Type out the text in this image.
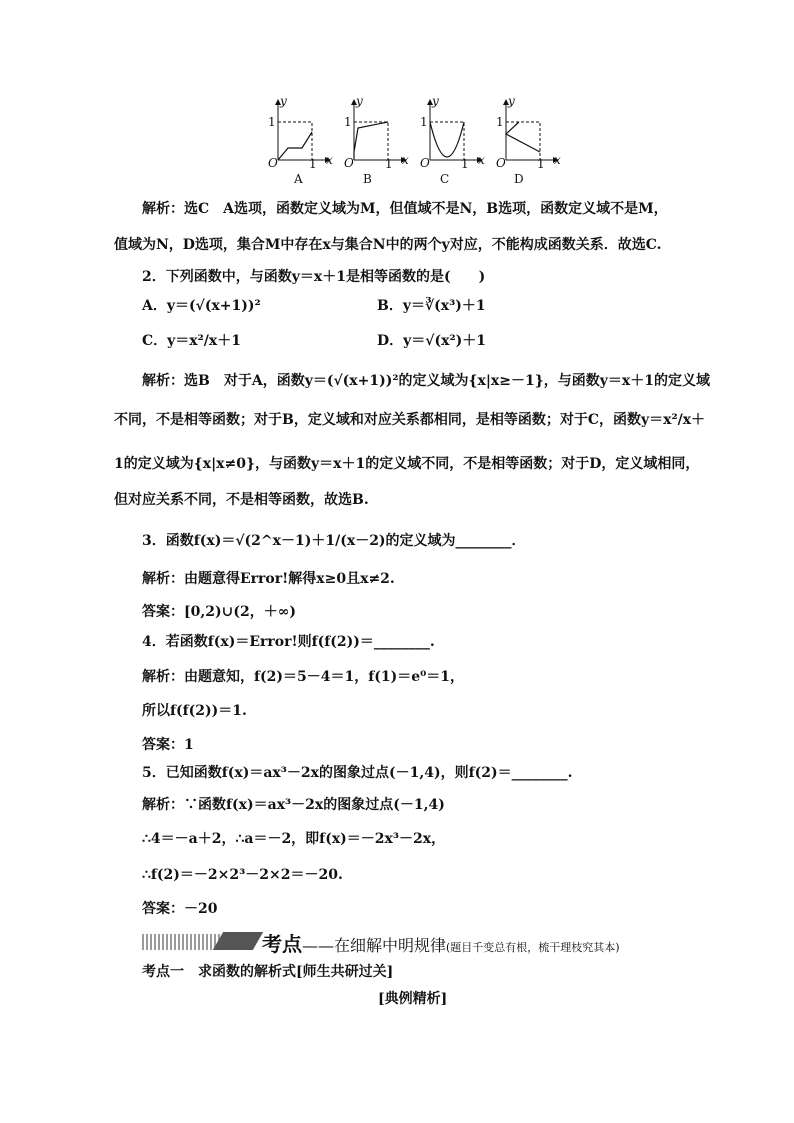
y
1
O	1 x
y
1
O	1 x
y
1
O	1 x
y
1
O	1 x
A	B	C	D
解析：选C　A选项，函数定义域为M，但值域不是N，B选项，函数定义域不是M，
值域为N，D选项，集合M中存在x与集合N中的两个y对应，不能构成函数关系．故选C.
2．下列函数中，与函数y＝x＋1是相等函数的是(　　)
A．y＝(√(x+1))²	B．y＝∛(x³)＋1
C．y＝x²/x＋1	D．y＝√(x²)＋1
解析：选B　对于A，函数y＝(√(x+1))²的定义域为{x|x≥－1}，与函数y＝x＋1的定义域
不同，不是相等函数；对于B，定义域和对应关系都相同，是相等函数；对于C，函数y＝x²/x＋
1的定义域为{x|x≠0}，与函数y＝x＋1的定义域不同，不是相等函数；对于D，定义域相同，
但对应关系不同，不是相等函数，故选B.
3．函数f(x)＝√(2^x－1)＋1/(x－2)的定义域为________．
解析：由题意得Error!解得x≥0且x≠2.
答案：[0,2)∪(2，＋∞)
4．若函数f(x)＝Error!则f(f(2))＝________.
解析：由题意知，f(2)＝5－4＝1，f(1)＝e⁰＝1，
所以f(f(2))＝1.
答案：1
5．已知函数f(x)＝ax³－2x的图象过点(－1,4)，则f(2)＝________.
解析：∵函数f(x)＝ax³－2x的图象过点(－1,4)
∴4＝－a＋2，∴a＝－2，即f(x)＝－2x³－2x，
∴f(2)＝－2×2³－2×2＝－20.
答案：－20
考点——在细解中明规律(题目千变总有根，梳干理枝究其本)
考点一　求函数的解析式[师生共研过关]
[典例精析]
